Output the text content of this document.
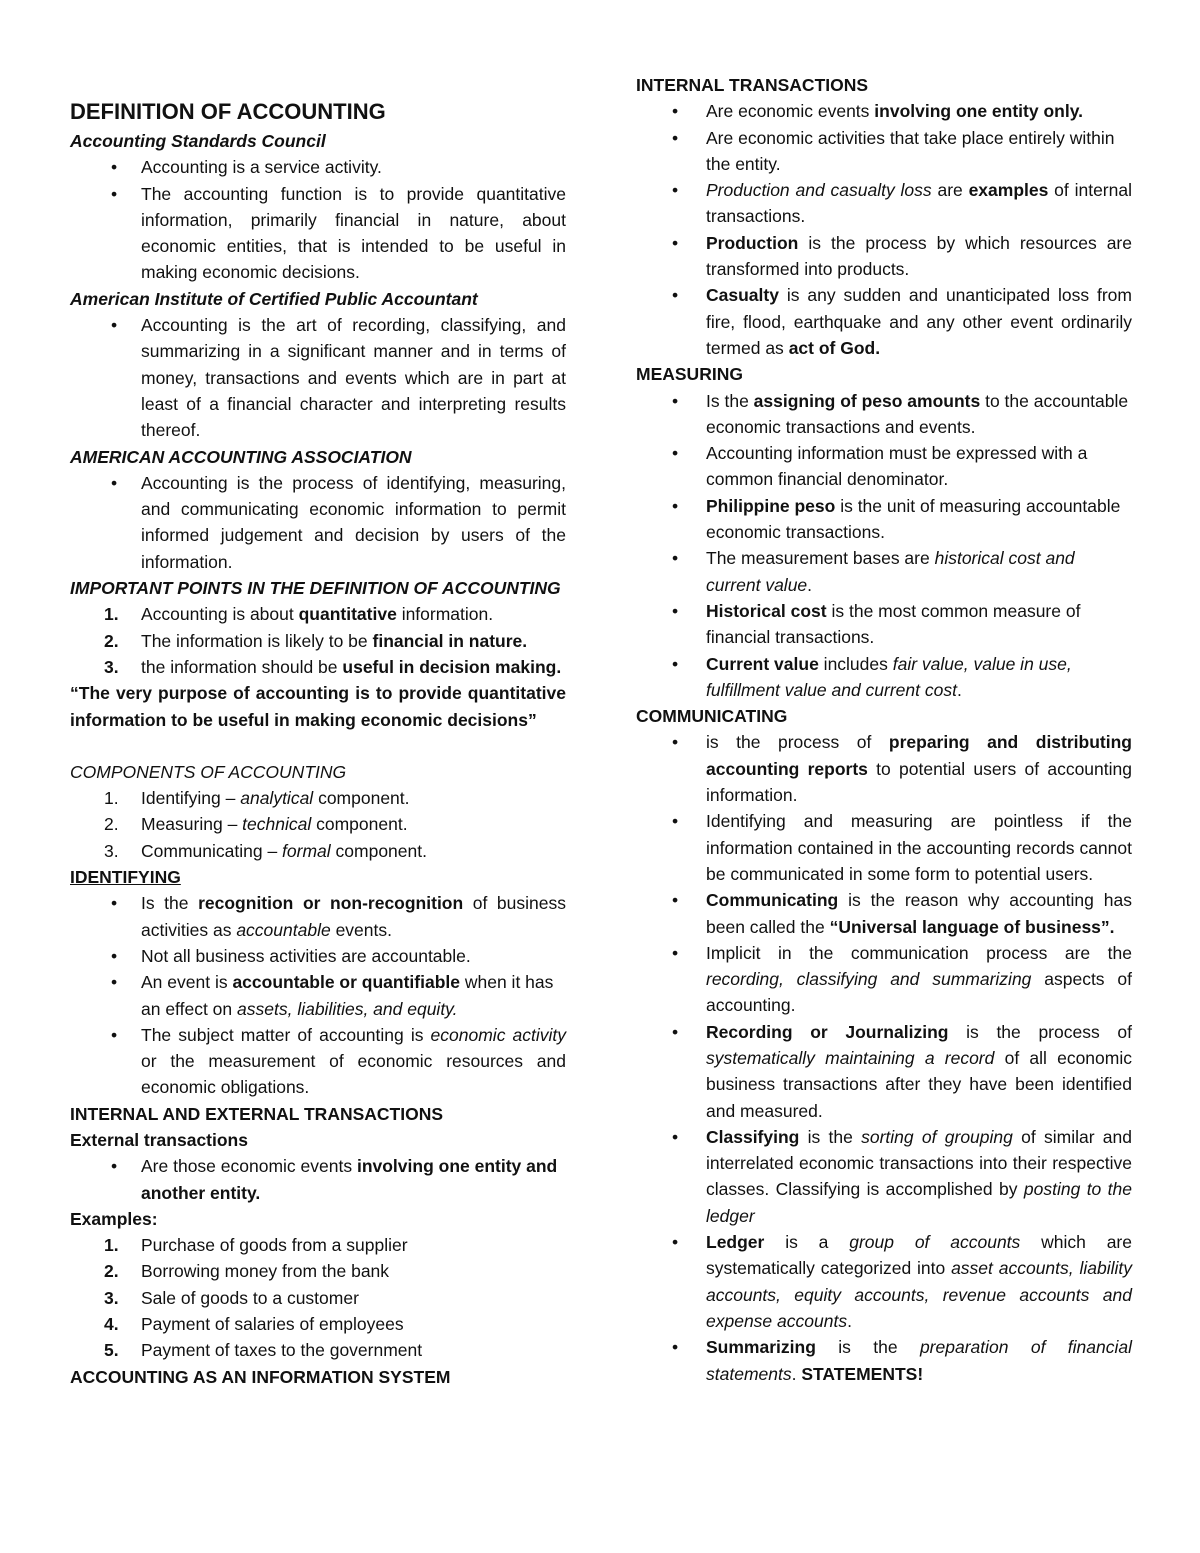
DEFINITION OF ACCOUNTING
Accounting Standards Council
• Accounting is a service activity.
• The accounting function is to provide quantitative information, primarily financial in nature, about economic entities, that is intended to be useful in making economic decisions.
American Institute of Certified Public Accountant
• Accounting is the art of recording, classifying, and summarizing in a significant manner and in terms of money, transactions and events which are in part at least of a financial character and interpreting results thereof.
AMERICAN ACCOUNTING ASSOCIATION
• Accounting is the process of identifying, measuring, and communicating economic information to permit informed judgement and decision by users of the information.
IMPORTANT POINTS IN THE DEFINITION OF ACCOUNTING
1. Accounting is about quantitative information.
2. The information is likely to be financial in nature.
3. the information should be useful in decision making.
“The very purpose of accounting is to provide quantitative information to be useful in making economic decisions”
COMPONENTS OF ACCOUNTING
1. Identifying – analytical component.
2. Measuring – technical component.
3. Communicating – formal component.
IDENTIFYING
• Is the recognition or non-recognition of business activities as accountable events.
• Not all business activities are accountable.
• An event is accountable or quantifiable when it has an effect on assets, liabilities, and equity.
• The subject matter of accounting is economic activity or the measurement of economic resources and economic obligations.
INTERNAL AND EXTERNAL TRANSACTIONS
External transactions
• Are those economic events involving one entity and another entity.
Examples:
1. Purchase of goods from a supplier
2. Borrowing money from the bank
3. Sale of goods to a customer
4. Payment of salaries of employees
5. Payment of taxes to the government
ACCOUNTING AS AN INFORMATION SYSTEM
INTERNAL TRANSACTIONS
• Are economic events involving one entity only.
• Are economic activities that take place entirely within the entity.
• Production and casualty loss are examples of internal transactions.
• Production is the process by which resources are transformed into products.
• Casualty is any sudden and unanticipated loss from fire, flood, earthquake and any other event ordinarily termed as act of God.
MEASURING
• Is the assigning of peso amounts to the accountable economic transactions and events.
• Accounting information must be expressed with a common financial denominator.
• Philippine peso is the unit of measuring accountable economic transactions.
• The measurement bases are historical cost and current value.
• Historical cost is the most common measure of financial transactions.
• Current value includes fair value, value in use, fulfillment value and current cost.
COMMUNICATING
• is the process of preparing and distributing accounting reports to potential users of accounting information.
• Identifying and measuring are pointless if the information contained in the accounting records cannot be communicated in some form to potential users.
• Communicating is the reason why accounting has been called the “Universal language of business”.
• Implicit in the communication process are the recording, classifying and summarizing aspects of accounting.
• Recording or Journalizing is the process of systematically maintaining a record of all economic business transactions after they have been identified and measured.
• Classifying is the sorting of grouping of similar and interrelated economic transactions into their respective classes. Classifying is accomplished by posting to the ledger
• Ledger is a group of accounts which are systematically categorized into asset accounts, liability accounts, equity accounts, revenue accounts and expense accounts.
• Summarizing is the preparation of financial statements. STATEMENTS!
